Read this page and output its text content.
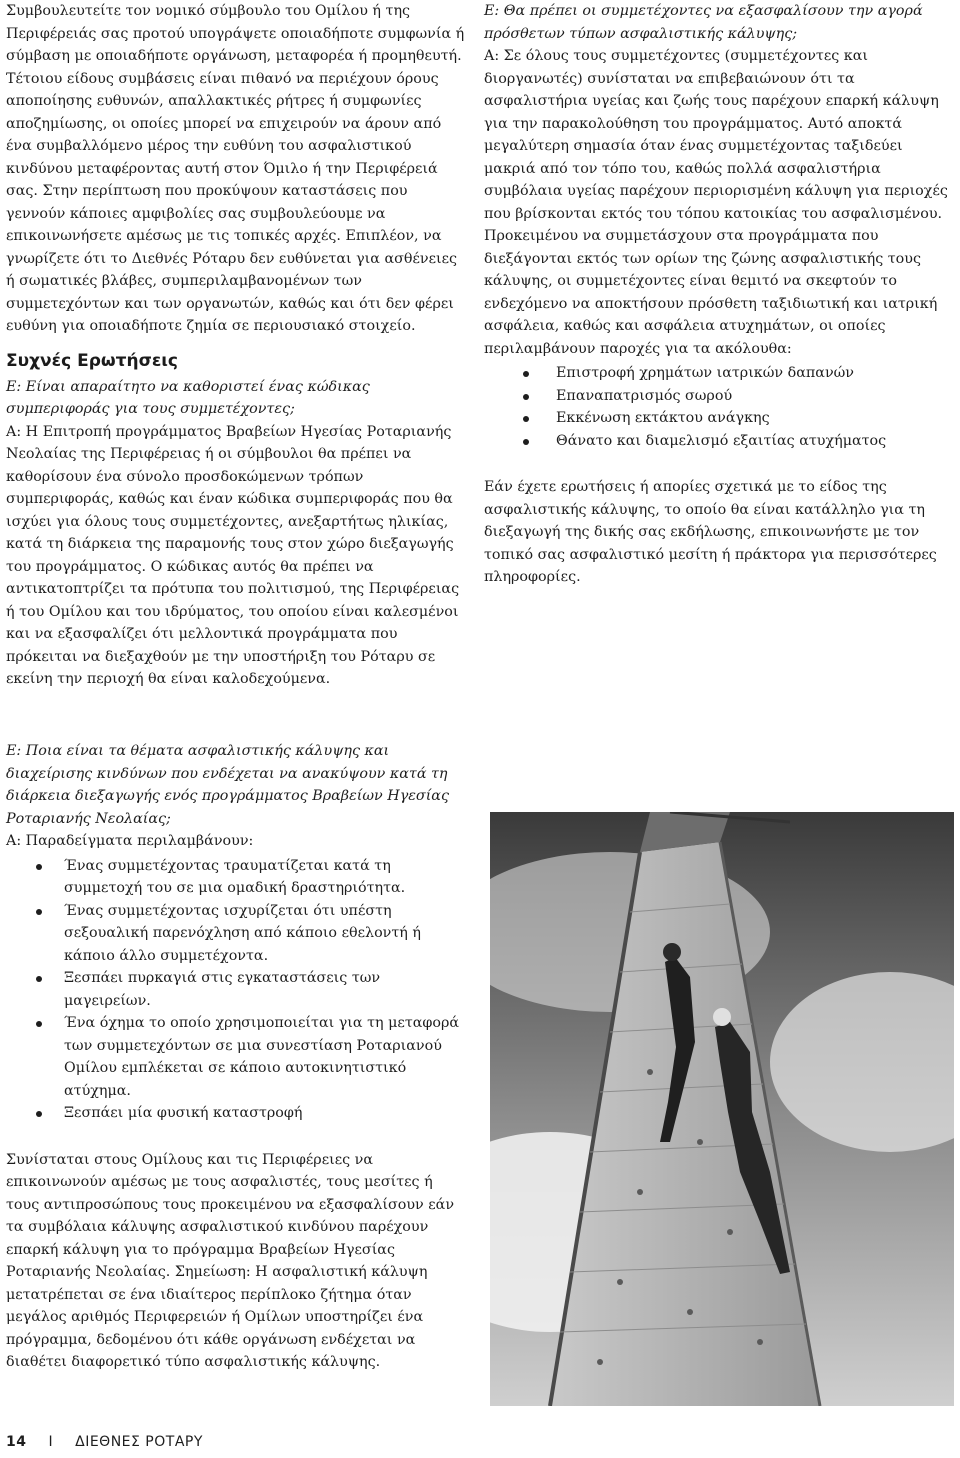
Συμβουλευτείτε τον νομικό σύμβουλο του Ομίλου ή της Περιφέρειάς σας προτού υπογράψετε οποιαδήποτε συμφωνία ή σύμβαση με οποιαδήποτε οργάνωση, μεταφορέα ή προμηθευτή. Τέτοιου είδους συμβάσεις είναι πιθανό να περιέχουν όρους αποποίησης ευθυνών, απαλλακτικές ρήτρες ή συμφωνίες αποζημίωσης, οι οποίες μπορεί να επιχειρούν να άρουν από ένα συμβαλλόμενο μέρος την ευθύνη του ασφαλιστικού κινδύνου μεταφέροντας αυτή στον Όμιλο ή την Περιφέρειά σας. Στην περίπτωση που προκύψουν καταστάσεις που γεννούν κάποιες αμφιβολίες σας συμβουλεύουμε να επικοινωνήσετε αμέσως με τις τοπικές αρχές. Επιπλέον, να γνωρίζετε ότι το Διεθνές Ρόταρυ δεν ευθύνεται για ασθένειες ή σωματικές βλάβες, συμπεριλαμβανομένων των συμμετεχόντων και των οργανωτών, καθώς και ότι δεν φέρει ευθύνη για οποιαδήποτε ζημία σε περιουσιακό στοιχείο.

Συχνές Ερωτήσεις

Ε: Είναι απαραίτητο να καθοριστεί ένας κώδικας συμπεριφοράς για τους συμμετέχοντες;

Α: Η Επιτροπή προγράμματος Βραβείων Ηγεσίας Ροταριανής Νεολαίας της Περιφέρειας ή οι σύμβουλοι θα πρέπει να καθορίσουν ένα σύνολο προσδοκώμενων τρόπων συμπεριφοράς, καθώς και έναν κώδικα συμπεριφοράς που θα ισχύει για όλους τους συμμετέχοντες, ανεξαρτήτως ηλικίας, κατά τη διάρκεια της παραμονής τους στον χώρο διεξαγωγής του προγράμματος. Ο κώδικας αυτός θα πρέπει να αντικατοπτρίζει τα πρότυπα του πολιτισμού, της Περιφέρειας ή του Ομίλου και του ιδρύματος, του οποίου είναι καλεσμένοι και να εξασφαλίζει ότι μελλοντικά προγράμματα που πρόκειται να διεξαχθούν με την υποστήριξη του Ρόταρυ σε εκείνη την περιοχή θα είναι καλοδεχούμενα.

Ε: Ποια είναι τα θέματα ασφαλιστικής κάλυψης και διαχείρισης κινδύνων που ενδέχεται να ανακύψουν κατά τη διάρκεια διεξαγωγής ενός προγράμματος Βραβείων Ηγεσίας Ροταριανής Νεολαίας;

Α: Παραδείγματα περιλαμβάνουν:

Ένας συμμετέχοντας τραυματίζεται κατά τη συμμετοχή του σε μια ομαδική δραστηριότητα.
Ένας συμμετέχοντας ισχυρίζεται ότι υπέστη σεξουαλική παρενόχληση από κάποιο εθελοντή ή κάποιο άλλο συμμετέχοντα.
Ξεσπάει πυρκαγιά στις εγκαταστάσεις των μαγειρείων.
Ένα όχημα το οποίο χρησιμοποιείται για τη μεταφορά των συμμετεχόντων σε μια συνεστίαση Ροταριανού Ομίλου εμπλέκεται σε κάποιο αυτοκινητιστικό ατύχημα.
Ξεσπάει μία φυσική καταστροφή

Συνίσταται στους Ομίλους και τις Περιφέρειες να επικοινωνούν αμέσως με τους ασφαλιστές, τους μεσίτες ή τους αντιπροσώπους τους προκειμένου να εξασφαλίσουν εάν τα συμβόλαια κάλυψης ασφαλιστικού κινδύνου παρέχουν επαρκή κάλυψη για το πρόγραμμα Βραβείων Ηγεσίας Ροταριανής Νεολαίας. Σημείωση: Η ασφαλιστική κάλυψη μετατρέπεται σε ένα ιδιαίτερος περίπλοκο ζήτημα όταν μεγάλος αριθμός Περιφερειών ή Ομίλων υποστηρίζει ένα πρόγραμμα, δεδομένου ότι κάθε οργάνωση ενδέχεται να διαθέτει διαφορετικό τύπο ασφαλιστικής κάλυψης.

Ε: Θα πρέπει οι συμμετέχοντες να εξασφαλίσουν την αγορά πρόσθετων τύπων ασφαλιστικής κάλυψης;

Α: Σε όλους τους συμμετέχοντες (συμμετέχοντες και διοργανωτές) συνίσταται να επιβεβαιώνουν ότι τα ασφαλιστήρια υγείας και ζωής τους παρέχουν επαρκή κάλυψη για την παρακολούθηση του προγράμματος. Αυτό αποκτά μεγαλύτερη σημασία όταν ένας συμμετέχοντας ταξιδεύει μακριά από τον τόπο του, καθώς πολλά ασφαλιστήρια συμβόλαια υγείας παρέχουν περιορισμένη κάλυψη για περιοχές που βρίσκονται εκτός του τόπου κατοικίας του ασφαλισμένου. Προκειμένου να συμμετάσχουν στα προγράμματα που διεξάγονται εκτός των ορίων της ζώνης ασφαλιστικής τους κάλυψης, οι συμμετέχοντες είναι θεμιτό να σκεφτούν το ενδεχόμενο να αποκτήσουν πρόσθετη ταξιδιωτική και ιατρική ασφάλεια, καθώς και ασφάλεια ατυχημάτων, οι οποίες περιλαμβάνουν παροχές για τα ακόλουθα:

Επιστροφή χρημάτων ιατρικών δαπανών
Επαναπατρισμός σωρού
Εκκένωση εκτάκτου ανάγκης
Θάνατο και διαμελισμό εξαιτίας ατυχήματος

Εάν έχετε ερωτήσεις ή απορίες σχετικά με το είδος της ασφαλιστικής κάλυψης, το οποίο θα είναι κατάλληλο για τη διεξαγωγή της δικής σας εκδήλωσης, επικοινωνήστε με τον τοπικό σας ασφαλιστικό μεσίτη ή πράκτορα για περισσότερες πληροφορίες.

14 I ΔΙΕΘΝΕΣ ΡΟΤΑΡΥ
